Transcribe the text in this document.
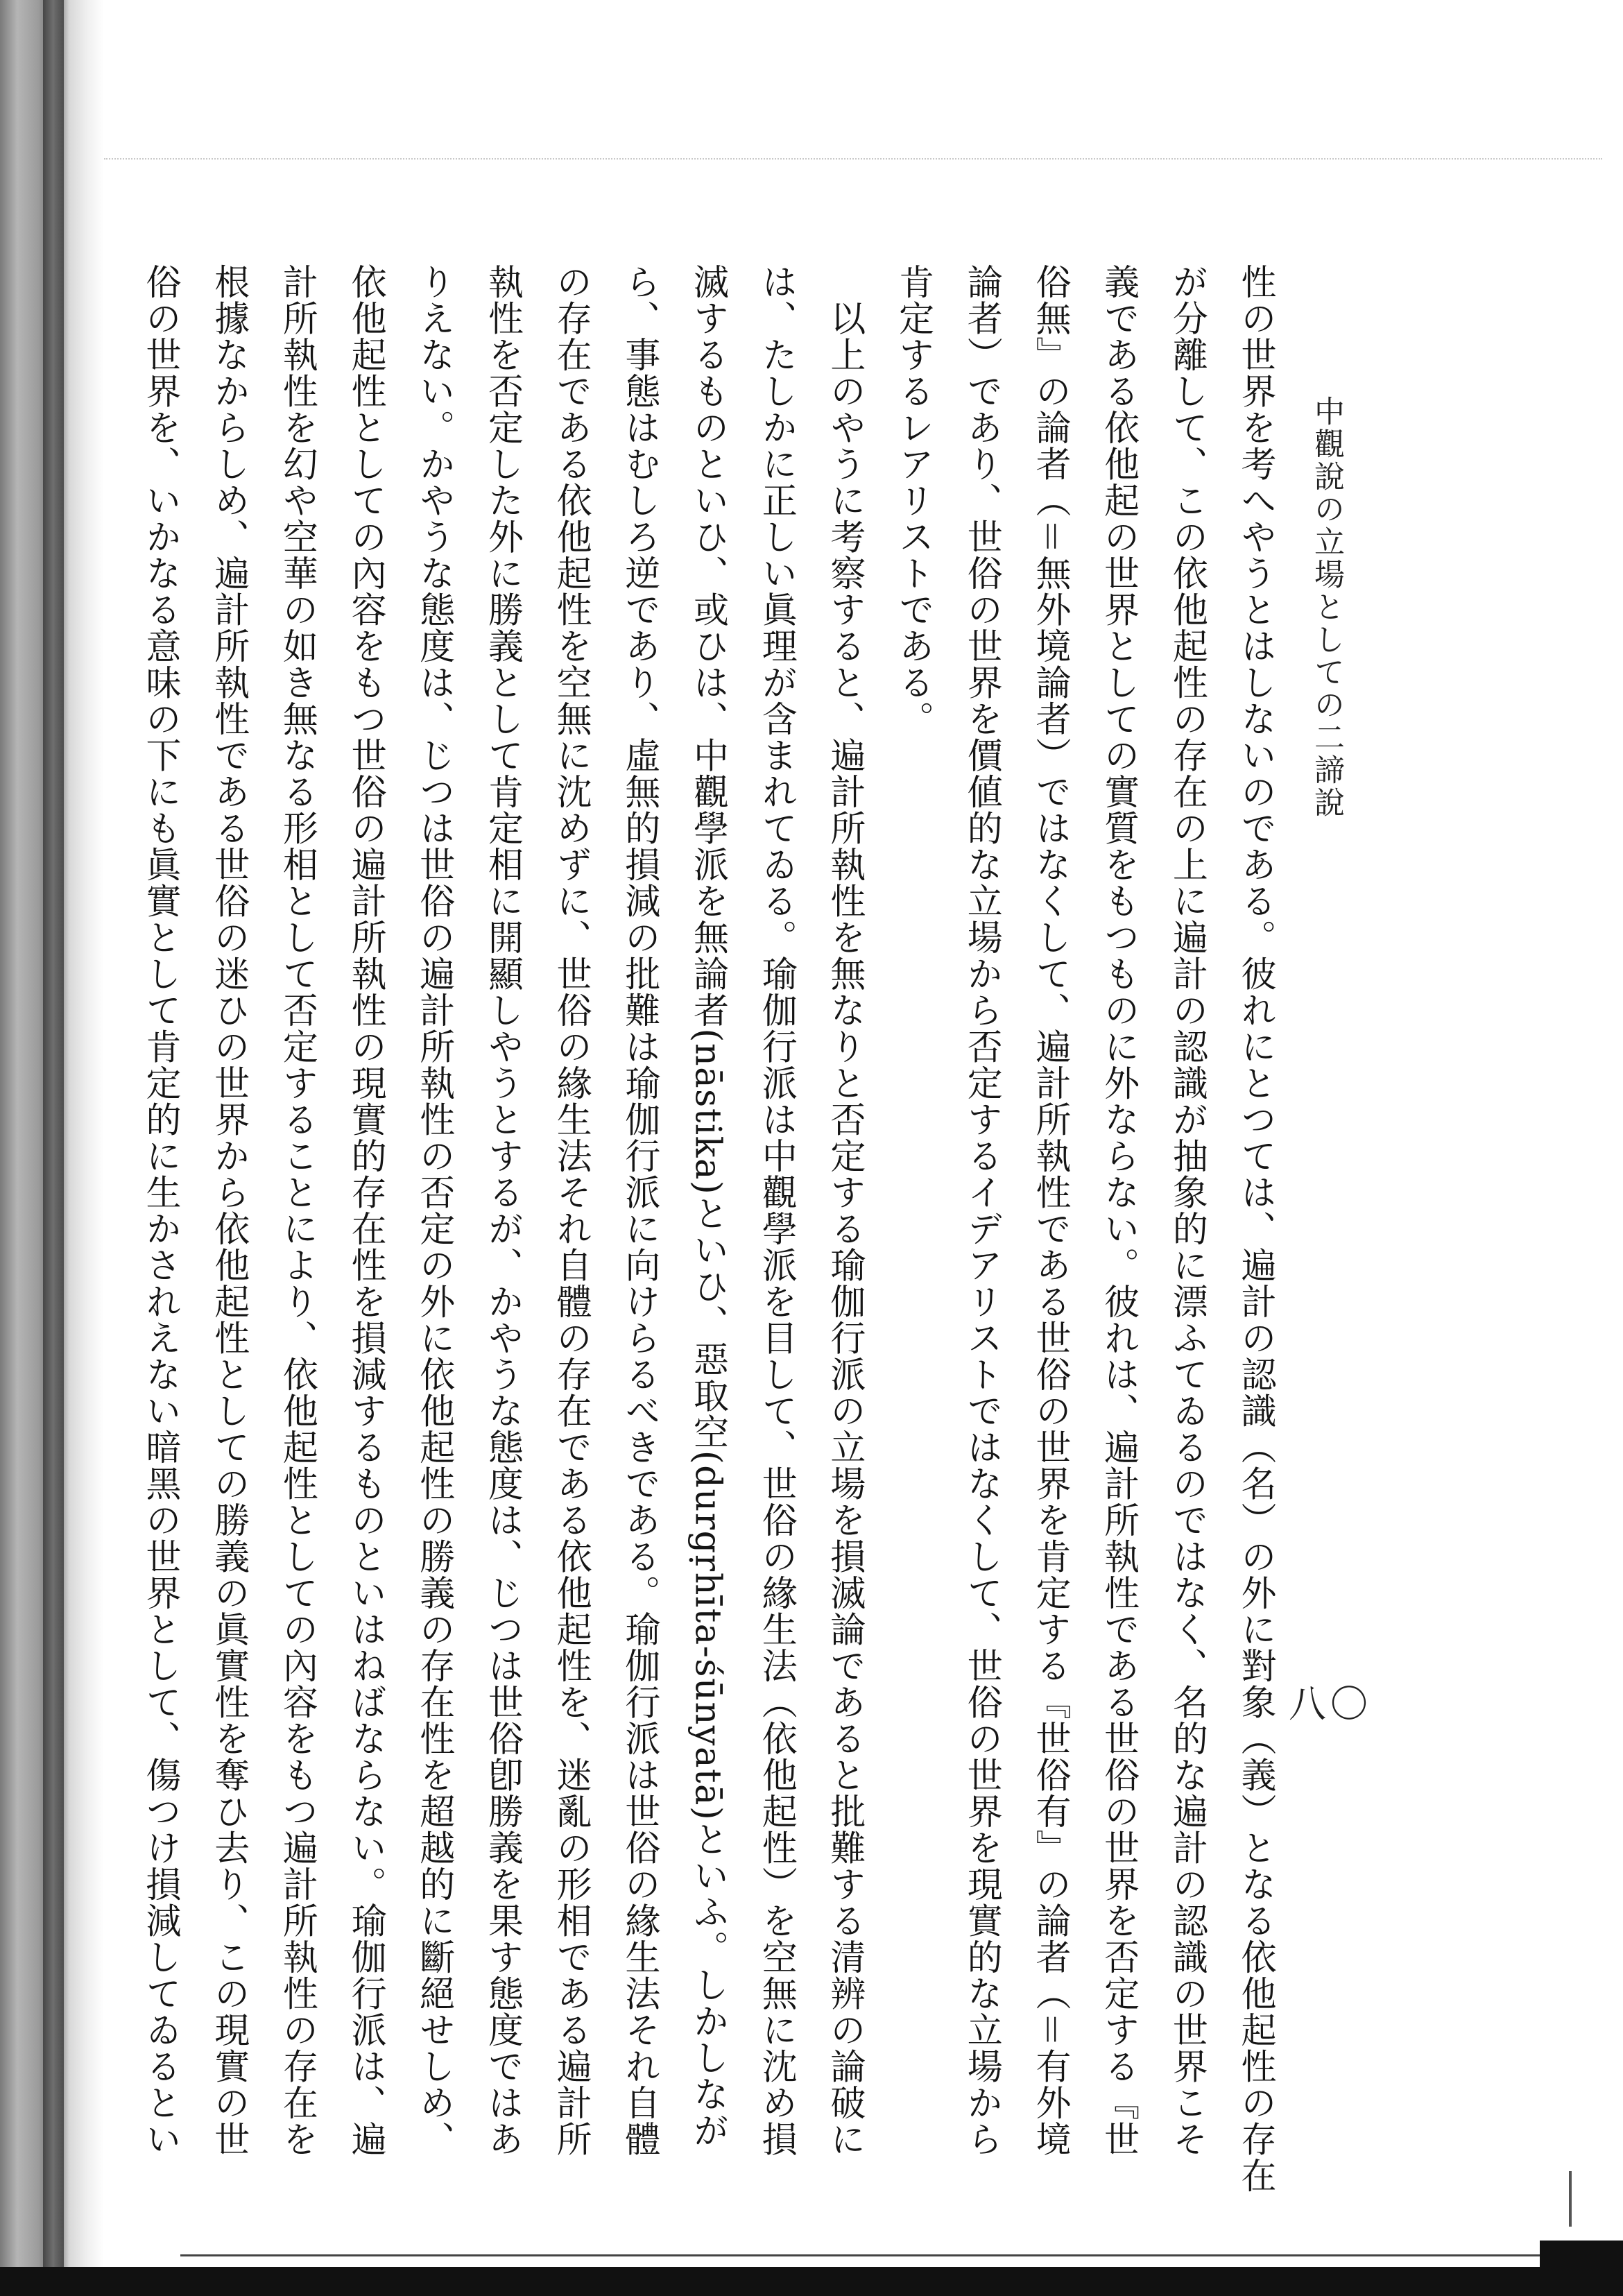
中觀說の立場としての二諦說
八〇
性の世界を考へやうとはしないのである。彼れにとつては、遍計の認識（名）の外に對象（義）となる依他起性の存在
が分離して、この依他起性の存在の上に遍計の認識が抽象的に漂ふてゐるのではなく、名的な遍計の認識の世界こそ
義である依他起の世界としての實質をもつものに外ならない。彼れは、遍計所執性である世俗の世界を否定する『世
俗無』の論者（＝無外境論者）ではなくして、遍計所執性である世俗の世界を肯定する『世俗有』の論者（＝有外境
論者）であり、世俗の世界を價値的な立場から否定するイデアリストではなくして、世俗の世界を現實的な立場から
肯定するレアリストである。
　以上のやうに考察すると、遍計所執性を無なりと否定する瑜伽行派の立場を損滅論であると批難する清辨の論破に
は、たしかに正しい眞理が含まれてゐる。瑜伽行派は中觀學派を目して、世俗の緣生法（依他起性）を空無に沈め損
滅するものといひ、或ひは、中觀學派を無論者(nāstika)といひ、惡取空(durgṛhīta-śūnyatā)といふ。しかしなが
ら、事態はむしろ逆であり、虛無的損減の批難は瑜伽行派に向けらるべきである。瑜伽行派は世俗の緣生法それ自體
の存在である依他起性を空無に沈めずに、世俗の緣生法それ自體の存在である依他起性を、迷亂の形相である遍計所
執性を否定した外に勝義として肯定相に開顯しやうとするが、かやうな態度は、じつは世俗卽勝義を果す態度ではあ
りえない。かやうな態度は、じつは世俗の遍計所執性の否定の外に依他起性の勝義の存在性を超越的に斷絕せしめ、
依他起性としての內容をもつ世俗の遍計所執性の現實的存在性を損減するものといはねばならない。瑜伽行派は、遍
計所執性を幻や空華の如き無なる形相として否定することにより、依他起性としての內容をもつ遍計所執性の存在を
根據なからしめ、遍計所執性である世俗の迷ひの世界から依他起性としての勝義の眞實性を奪ひ去り、この現實の世
俗の世界を、いかなる意味の下にも眞實として肯定的に生かされえない暗黑の世界として、傷つけ損減してゐるとい
